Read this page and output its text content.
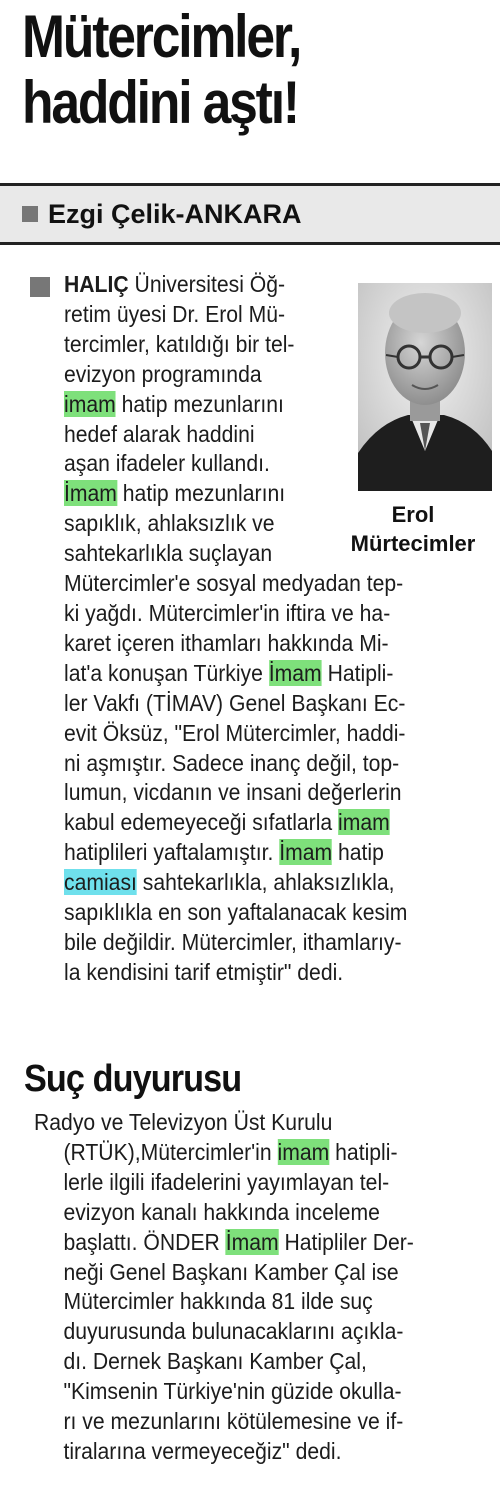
Mütercimler,
haddini aştı!
Ezgi Çelik-ANKARA
Erol
Mürtecimler
HALIÇ Üniversitesi Öğ-
retim üyesi Dr. Erol Mü-
tercimler, katıldığı bir tel-
evizyon programında
imam hatip mezunlarını
hedef alarak haddini
aşan ifadeler kullandı.
İmam hatip mezunlarını
sapıklık, ahlaksızlık ve
sahtekarlıkla suçlayan
Mütercimler'e sosyal medyadan tep-
ki yağdı. Mütercimler'in iftira ve ha-
karet içeren ithamları hakkında Mi-
lat'a konuşan Türkiye İmam Hatipli-
ler Vakfı (TİMAV) Genel Başkanı Ec-
evit Öksüz, "Erol Mütercimler, haddi-
ni aşmıştır. Sadece inanç değil, top-
lumun, vicdanın ve insani değerlerin
kabul edemeyeceği sıfatlarla imam
hatiplileri yaftalamıştır. İmam hatip
camiası sahtekarlıkla, ahlaksızlıkla,
sapıklıkla en son yaftalanacak kesim
bile değildir. Mütercimler, ithamlarıy-
la kendisini tarif etmiştir" dedi.
Suç duyurusu
Radyo ve Televizyon Üst Kurulu
(RTÜK),Mütercimler'in imam hatipli-
lerle ilgili ifadelerini yayımlayan tel-
evizyon kanalı hakkında inceleme
başlattı. ÖNDER İmam Hatipliler Der-
neği Genel Başkanı Kamber Çal ise
Mütercimler hakkında 81 ilde suç
duyurusunda bulunacaklarını açıkla-
dı. Dernek Başkanı Kamber Çal,
"Kimsenin Türkiye'nin güzide okulla-
rı ve mezunlarını kötülemesine ve if-
tiralarına vermeyeceğiz" dedi.
